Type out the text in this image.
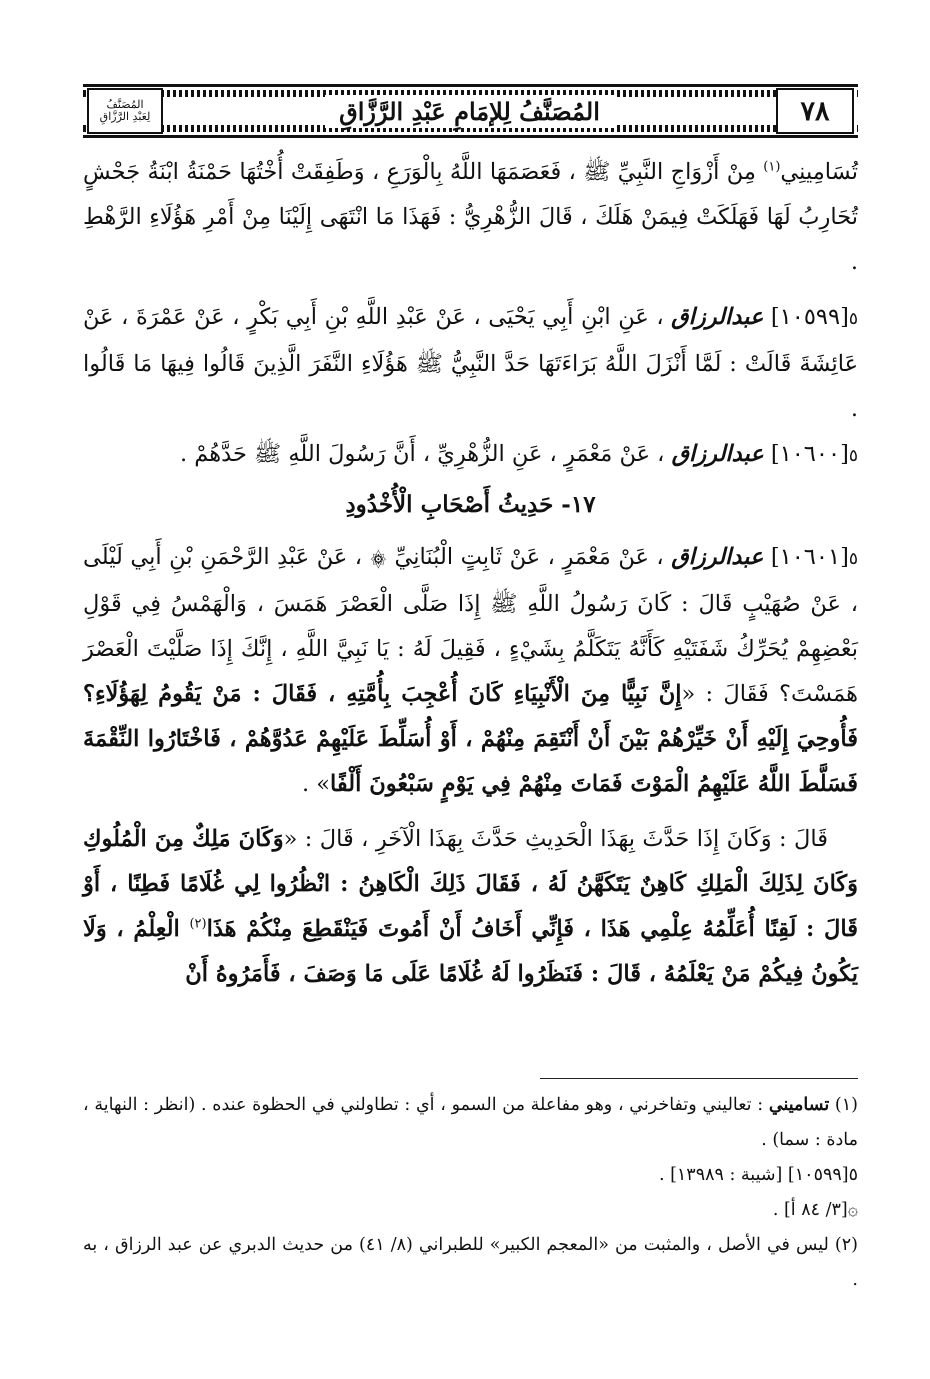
المُصَنَّفُ
لِعَبْدِ الرَّزَّاقِ	المُصَنَّفُ لِلإمَامِ عَبْدِ الرَّزَّاقِ	٧٨

تُسَامِينِي$^{(١)}$ مِنْ أَزْوَاجِ النَّبِيِّ ﷺ ، فَعَصَمَهَا اللَّهُ بِالْوَرَعِ ، وَطَفِقَتْ أُخْتُهَا حَمْنَةُ ابْنَةُ جَحْشٍ تُحَارِبُ لَهَا فَهَلَكَتْ فِيمَنْ هَلَكَ ، قَالَ الزُّهْرِيُّ : فَهَذَا مَا انْتَهَى إِلَيْنَا مِنْ أَمْرِ هَؤُلَاءِ الرَّهْطِ .

٥[١٠٥٩٩] عبدالرزاق ، عَنِ ابْنِ أَبِي يَحْيَى ، عَنْ عَبْدِ اللَّهِ بْنِ أَبِي بَكْرٍ ، عَنْ عَمْرَةَ ، عَنْ عَائِشَةَ قَالَتْ : لَمَّا أَنْزَلَ اللَّهُ بَرَاءَتَهَا حَدَّ النَّبِيُّ ﷺ هَؤُلَاءِ النَّفَرَ الَّذِينَ قَالُوا فِيهَا مَا قَالُوا .

٥[١٠٦٠٠] عبدالرزاق ، عَنْ مَعْمَرٍ ، عَنِ الزُّهْرِيِّ ، أَنَّ رَسُولَ اللَّهِ ﷺ حَدَّهُمْ .

١٧- حَدِيثُ أَصْحَابِ الْأُخْدُودِ

٥[١٠٦٠١] عبدالرزاق ، عَنْ مَعْمَرٍ ، عَنْ ثَابِتٍ الْبُنَانِيِّ ۞ ، عَنْ عَبْدِ الرَّحْمَنِ بْنِ أَبِي لَيْلَى ، عَنْ صُهَيْبٍ قَالَ : كَانَ رَسُولُ اللَّهِ ﷺ إِذَا صَلَّى الْعَصْرَ هَمَسَ ، وَالْهَمْسُ فِي قَوْلِ بَعْضِهِمْ يُحَرِّكُ شَفَتَيْهِ كَأَنَّهُ يَتَكَلَّمُ بِشَيْءٍ ، فَقِيلَ لَهُ : يَا نَبِيَّ اللَّهِ ، إِنَّكَ إِذَا صَلَّيْتَ الْعَصْرَ هَمَسْتَ؟ فَقَالَ : «إِنَّ نَبِيًّا مِنَ الْأَنْبِيَاءِ كَانَ أُعْجِبَ بِأُمَّتِهِ ، فَقَالَ : مَنْ يَقُومُ لِهَؤُلَاءِ؟ فَأُوحِيَ إِلَيْهِ أَنْ خَيِّرْهُمْ بَيْنَ أَنْ أَنْتَقِمَ مِنْهُمْ ، أَوْ أُسَلِّطَ عَلَيْهِمْ عَدُوَّهُمْ ، فَاخْتَارُوا النِّقْمَةَ فَسَلَّطَ اللَّهُ عَلَيْهِمُ الْمَوْتَ فَمَاتَ مِنْهُمْ فِي يَوْمٍ سَبْعُونَ أَلْفًا» .

قَالَ : وَكَانَ إِذَا حَدَّثَ بِهَذَا الْحَدِيثِ حَدَّثَ بِهَذَا الْآخَرِ ، قَالَ : «وَكَانَ مَلِكٌ مِنَ الْمُلُوكِ وَكَانَ لِذَلِكَ الْمَلِكِ كَاهِنٌ يَتَكَهَّنُ لَهُ ، فَقَالَ ذَلِكَ الْكَاهِنُ : انْظُرُوا لِي غُلَامًا فَطِنًا ، أَوْ قَالَ : لَقِنًا أُعَلِّمُهُ عِلْمِي هَذَا ، فَإِنِّي أَخَافُ أَنْ أَمُوتَ فَيَنْقَطِعَ مِنْكُمْ هَذَا$^{(٢)}$ الْعِلْمُ ، وَلَا يَكُونُ فِيكُمْ مَنْ يَعْلَمُهُ ، قَالَ : فَنَظَرُوا لَهُ غُلَامًا عَلَى مَا وَصَفَ ، فَأَمَرُوهُ أَنْ

(١) تساميني : تعاليني وتفاخرني ، وهو مفاعلة من السمو ، أي : تطاولني في الحظوة عنده . (انظر : النهاية ، مادة : سما) .

٥[١٠٥٩٩] [شيبة : ١٣٩٨٩] .

۞[٣/ ٨٤ أ] .

(٢) ليس في الأصل ، والمثبت من «المعجم الكبير» للطبراني (٨/ ٤١) من حديث الدبري عن عبد الرزاق ، به .
